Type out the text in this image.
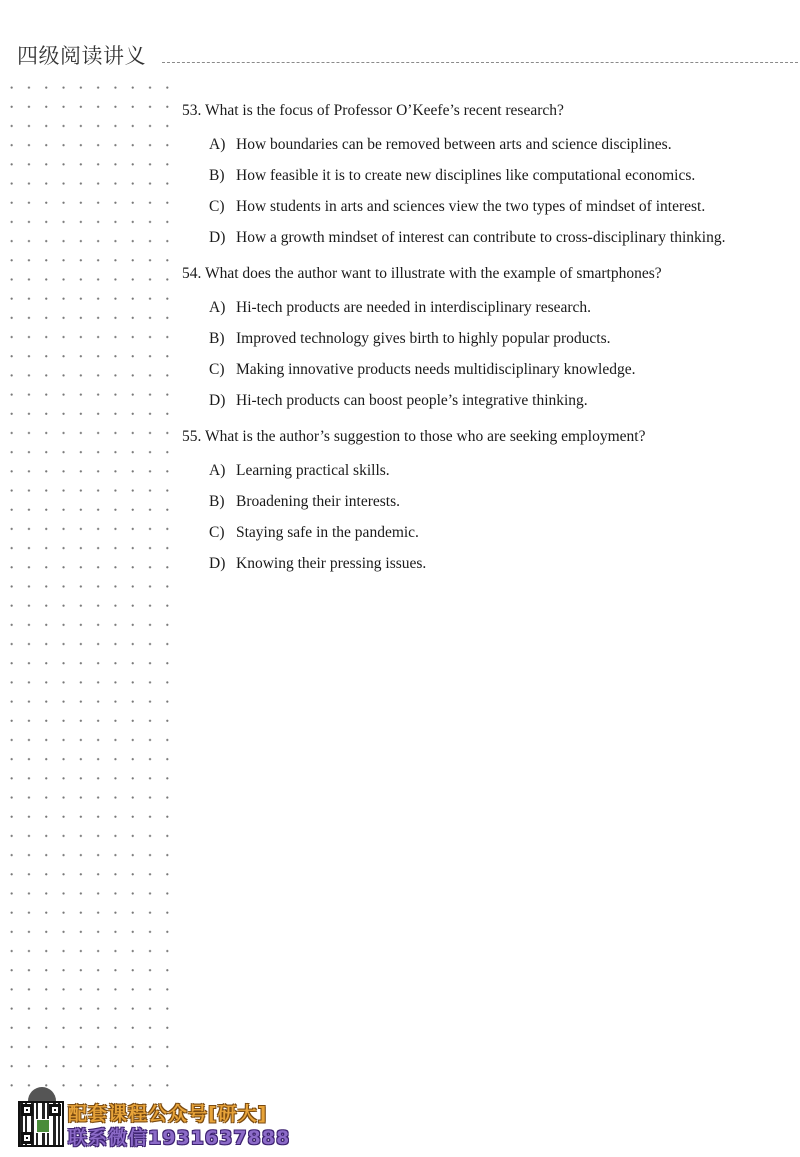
四级阅读讲义
53. What is the focus of Professor O’Keefe’s recent research?
A) How boundaries can be removed between arts and science disciplines.
B) How feasible it is to create new disciplines like computational economics.
C) How students in arts and sciences view the two types of mindset of interest.
D) How a growth mindset of interest can contribute to cross-disciplinary thinking.
54. What does the author want to illustrate with the example of smartphones?
A) Hi-tech products are needed in interdisciplinary research.
B) Improved technology gives birth to highly popular products.
C) Making innovative products needs multidisciplinary knowledge.
D) Hi-tech products can boost people’s integrative thinking.
55. What is the author’s suggestion to those who are seeking employment?
A) Learning practical skills.
B) Broadening their interests.
C) Staying safe in the pandemic.
D) Knowing their pressing issues.
配套课程公众号[研大]
联系微信1931637888
